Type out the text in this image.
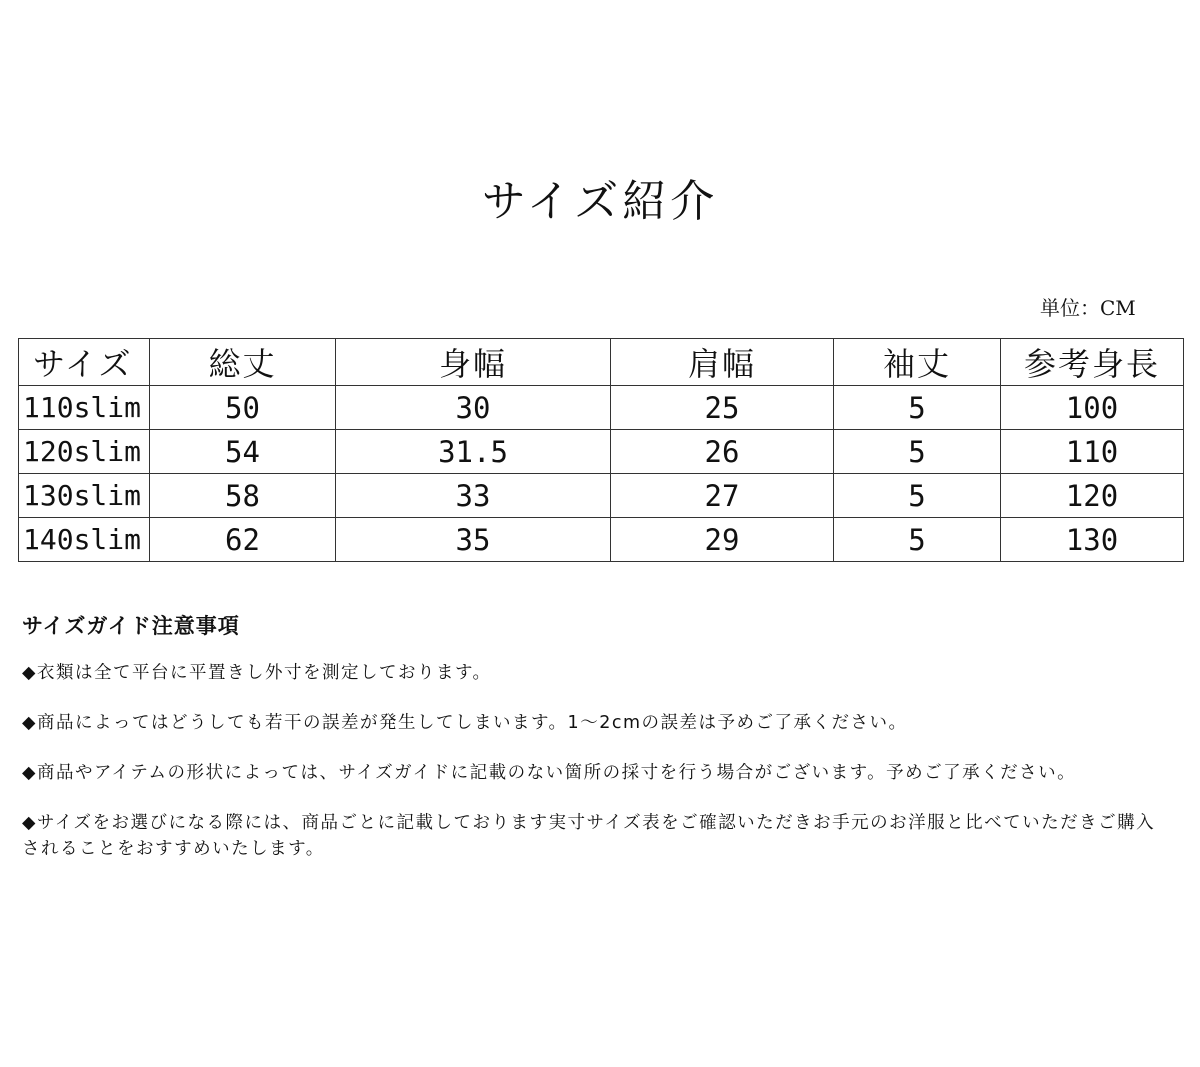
サイズ紹介
単位：CM
サイズ	総丈	身幅	肩幅	袖丈	参考身長
110slim	50	30	25	5	100
120slim	54	31.5	26	5	110
130slim	58	33	27	5	120
140slim	62	35	29	5	130
サイズガイド注意事項

◆衣類は全て平台に平置きし外寸を測定しております。

◆商品によってはどうしても若干の誤差が発生してしまいます。1〜2cmの誤差は予めご了承ください。

◆商品やアイテムの形状によっては、サイズガイドに記載のない箇所の採寸を行う場合がございます。予めご了承ください。

◆サイズをお選びになる際には、商品ごとに記載しております実寸サイズ表をご確認いただきお手元のお洋服と比べていただきご購入されることをおすすめいたします。
